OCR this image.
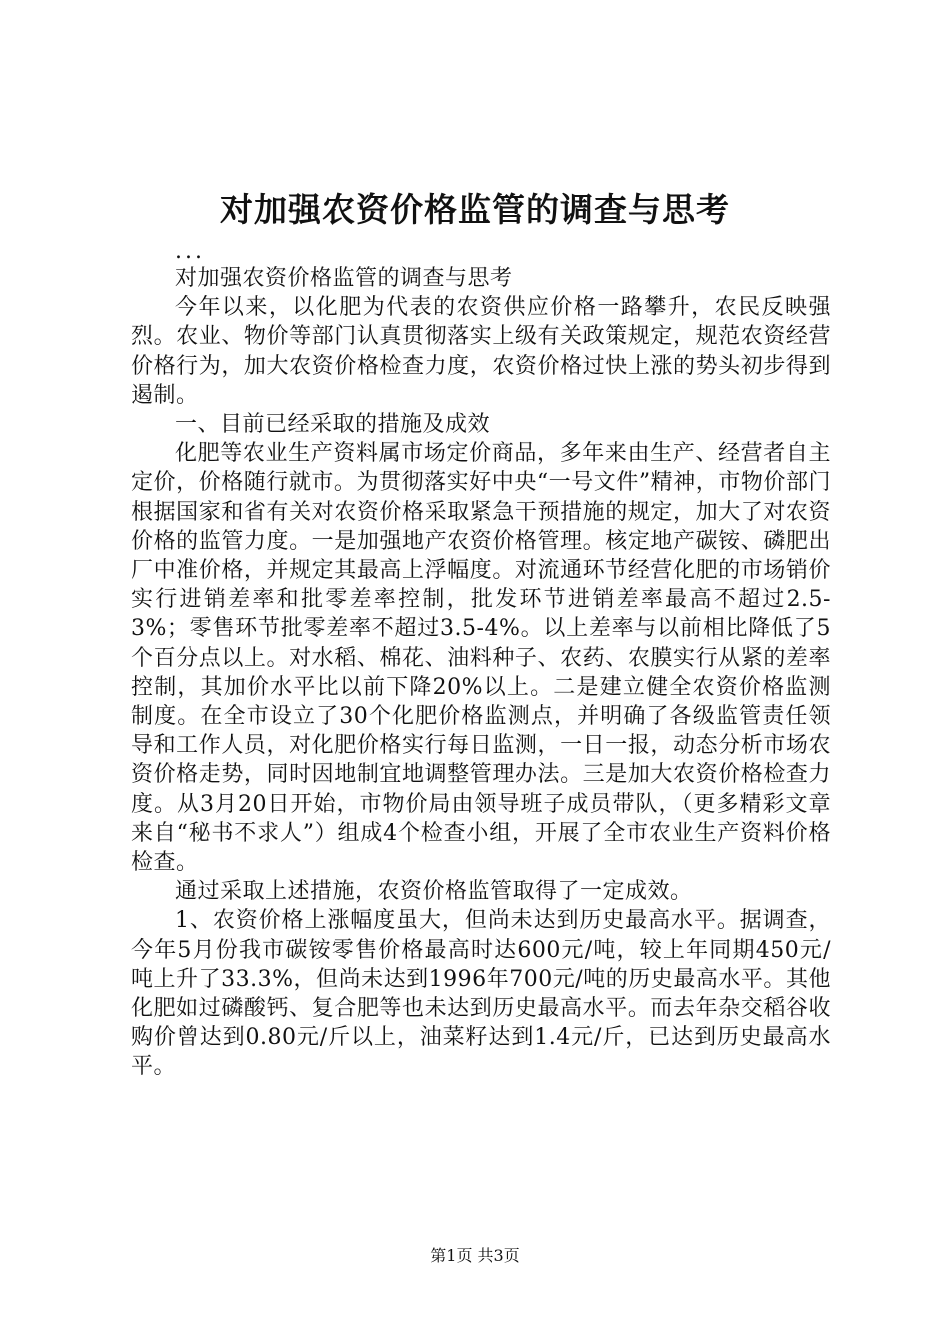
对加强农资价格监管的调查与思考

...

对加强农资价格监管的调查与思考

今年以来，以化肥为代表的农资供应价格一路攀升，农民反映强烈。农业、物价等部门认真贯彻落实上级有关政策规定，规范农资经营价格行为，加大农资价格检查力度，农资价格过快上涨的势头初步得到遏制。

一、目前已经采取的措施及成效

化肥等农业生产资料属市场定价商品，多年来由生产、经营者自主定价，价格随行就市。为贯彻落实好中央“一号文件”精神，市物价部门根据国家和省有关对农资价格采取紧急干预措施的规定，加大了对农资价格的监管力度。一是加强地产农资价格管理。核定地产碳铵、磷肥出厂中准价格，并规定其最高上浮幅度。对流通环节经营化肥的市场销价实行进销差率和批零差率控制，批发环节进销差率最高不超过2.5-3%；零售环节批零差率不超过3.5-4%。以上差率与以前相比降低了5个百分点以上。对水稻、棉花、油料种子、农药、农膜实行从紧的差率控制，其加价水平比以前下降20%以上。二是建立健全农资价格监测制度。在全市设立了30个化肥价格监测点，并明确了各级监管责任领导和工作人员，对化肥价格实行每日监测，一日一报，动态分析市场农资价格走势，同时因地制宜地调整管理办法。三是加大农资价格检查力度。从3月20日开始，市物价局由领导班子成员带队，（更多精彩文章来自“秘书不求人”）组成4个检查小组，开展了全市农业生产资料价格检查。

通过采取上述措施，农资价格监管取得了一定成效。

1、农资价格上涨幅度虽大，但尚未达到历史最高水平。据调查，今年5月份我市碳铵零售价格最高时达600元/吨，较上年同期450元/吨上升了33.3%，但尚未达到1996年700元/吨的历史最高水平。其他化肥如过磷酸钙、复合肥等也未达到历史最高水平。而去年杂交稻谷收购价曾达到0.80元/斤以上，油菜籽达到1.4元/斤，已达到历史最高水平。

第1页 共3页
